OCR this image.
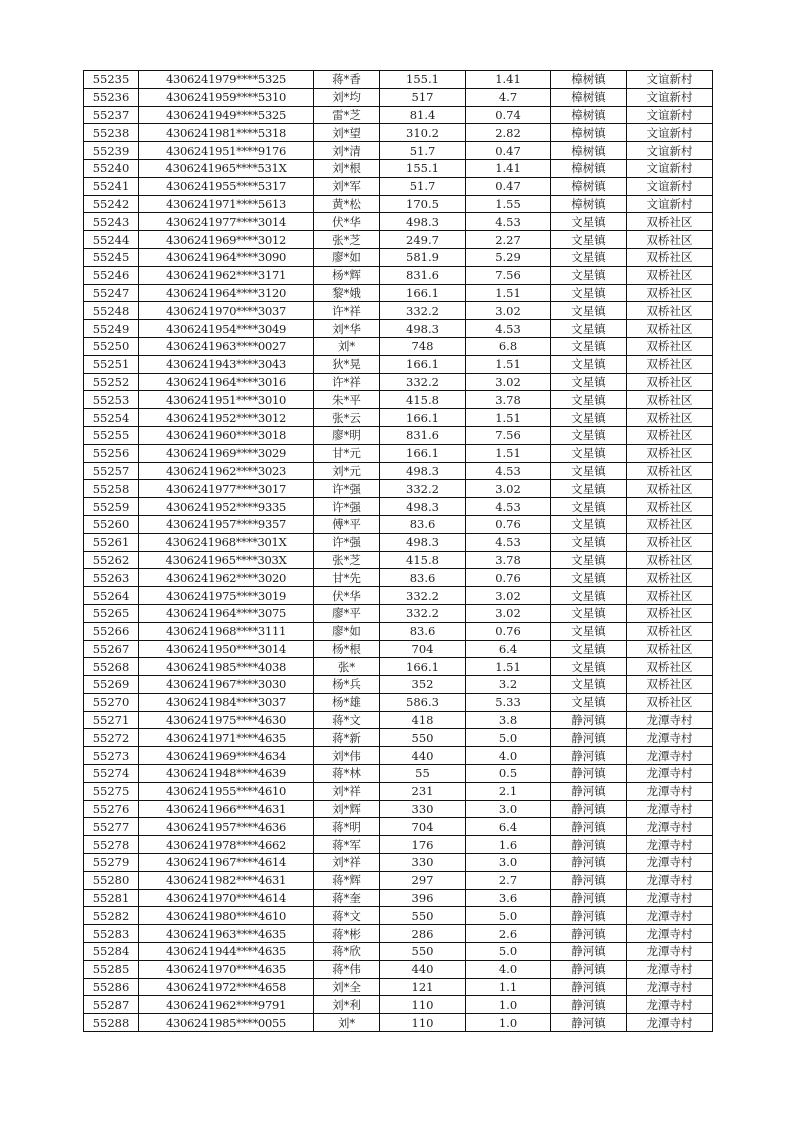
55235	4306241979****5325	蒋*香	155.1	1.41	樟树镇	文谊新村
55236	4306241959****5310	刘*均	517	4.7	樟树镇	文谊新村
55237	4306241949****5325	雷*芝	81.4	0.74	樟树镇	文谊新村
55238	4306241981****5318	刘*望	310.2	2.82	樟树镇	文谊新村
55239	4306241951****9176	刘*清	51.7	0.47	樟树镇	文谊新村
55240	4306241965****531X	刘*根	155.1	1.41	樟树镇	文谊新村
55241	4306241955****5317	刘*军	51.7	0.47	樟树镇	文谊新村
55242	4306241971****5613	黄*松	170.5	1.55	樟树镇	文谊新村
55243	4306241977****3014	伏*华	498.3	4.53	文星镇	双桥社区
55244	4306241969****3012	张*芝	249.7	2.27	文星镇	双桥社区
55245	4306241964****3090	廖*如	581.9	5.29	文星镇	双桥社区
55246	4306241962****3171	杨*辉	831.6	7.56	文星镇	双桥社区
55247	4306241964****3120	黎*娥	166.1	1.51	文星镇	双桥社区
55248	4306241970****3037	许*祥	332.2	3.02	文星镇	双桥社区
55249	4306241954****3049	刘*华	498.3	4.53	文星镇	双桥社区
55250	4306241963****0027	刘*	748	6.8	文星镇	双桥社区
55251	4306241943****3043	狄*晃	166.1	1.51	文星镇	双桥社区
55252	4306241964****3016	许*祥	332.2	3.02	文星镇	双桥社区
55253	4306241951****3010	朱*平	415.8	3.78	文星镇	双桥社区
55254	4306241952****3012	张*云	166.1	1.51	文星镇	双桥社区
55255	4306241960****3018	廖*明	831.6	7.56	文星镇	双桥社区
55256	4306241969****3029	甘*元	166.1	1.51	文星镇	双桥社区
55257	4306241962****3023	刘*元	498.3	4.53	文星镇	双桥社区
55258	4306241977****3017	许*强	332.2	3.02	文星镇	双桥社区
55259	4306241952****9335	许*强	498.3	4.53	文星镇	双桥社区
55260	4306241957****9357	傅*平	83.6	0.76	文星镇	双桥社区
55261	4306241968****301X	许*强	498.3	4.53	文星镇	双桥社区
55262	4306241965****303X	张*芝	415.8	3.78	文星镇	双桥社区
55263	4306241962****3020	甘*先	83.6	0.76	文星镇	双桥社区
55264	4306241975****3019	伏*华	332.2	3.02	文星镇	双桥社区
55265	4306241964****3075	廖*平	332.2	3.02	文星镇	双桥社区
55266	4306241968****3111	廖*如	83.6	0.76	文星镇	双桥社区
55267	4306241950****3014	杨*根	704	6.4	文星镇	双桥社区
55268	4306241985****4038	张*	166.1	1.51	文星镇	双桥社区
55269	4306241967****3030	杨*兵	352	3.2	文星镇	双桥社区
55270	4306241984****3037	杨*雄	586.3	5.33	文星镇	双桥社区
55271	4306241975****4630	蒋*文	418	3.8	静河镇	龙潭寺村
55272	4306241971****4635	蒋*新	550	5.0	静河镇	龙潭寺村
55273	4306241969****4634	刘*伟	440	4.0	静河镇	龙潭寺村
55274	4306241948****4639	蒋*林	55	0.5	静河镇	龙潭寺村
55275	4306241955****4610	刘*祥	231	2.1	静河镇	龙潭寺村
55276	4306241966****4631	刘*辉	330	3.0	静河镇	龙潭寺村
55277	4306241957****4636	蒋*明	704	6.4	静河镇	龙潭寺村
55278	4306241978****4662	蒋*军	176	1.6	静河镇	龙潭寺村
55279	4306241967****4614	刘*祥	330	3.0	静河镇	龙潭寺村
55280	4306241982****4631	蒋*辉	297	2.7	静河镇	龙潭寺村
55281	4306241970****4614	蒋*奎	396	3.6	静河镇	龙潭寺村
55282	4306241980****4610	蒋*文	550	5.0	静河镇	龙潭寺村
55283	4306241963****4635	蒋*彬	286	2.6	静河镇	龙潭寺村
55284	4306241944****4635	蒋*欣	550	5.0	静河镇	龙潭寺村
55285	4306241970****4635	蒋*伟	440	4.0	静河镇	龙潭寺村
55286	4306241972****4658	刘*全	121	1.1	静河镇	龙潭寺村
55287	4306241962****9791	刘*利	110	1.0	静河镇	龙潭寺村
55288	4306241985****0055	刘*	110	1.0	静河镇	龙潭寺村
